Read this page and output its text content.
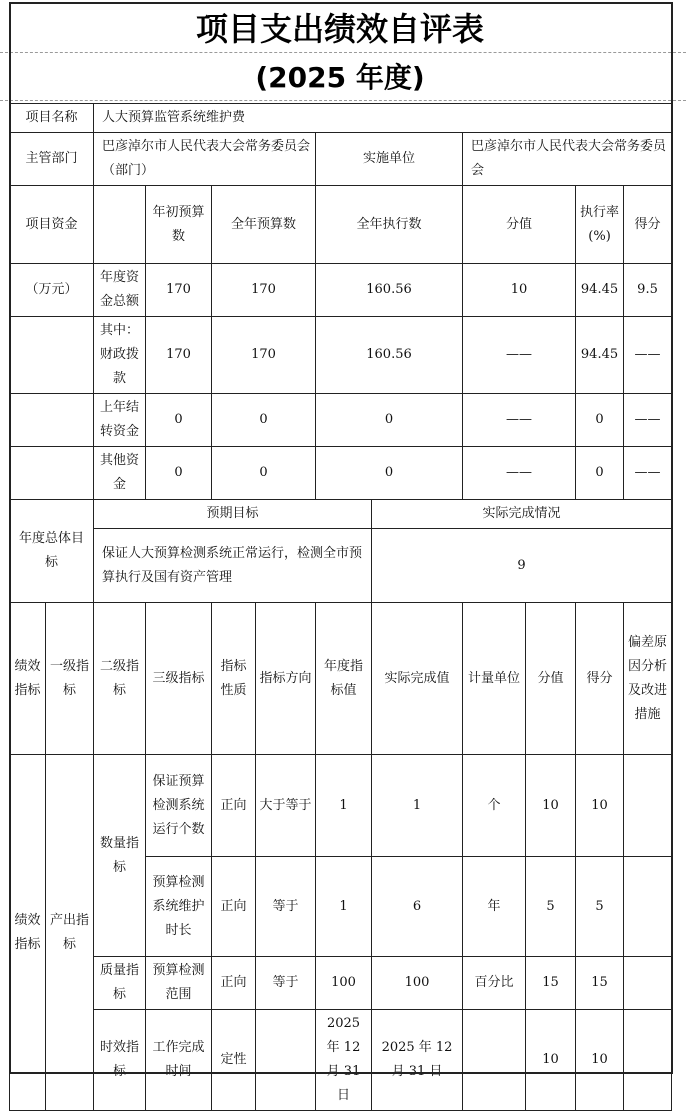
项目支出绩效自评表
(2025 年度)
项目名称		人大预算监管系统维护费									
主管部门		巴彦淖尔市人民代表大会常务委员会（部门）				实施单位		巴彦淖尔市人民代表大会常务委员会			
项目资金			年初预算数	全年预算数		全年执行数		分值		执行率　(%)	得分
（万元）		年度资金总额	170	170		160.56		10		94.45	9.5
		其中：财政拨款	170	170		160.56		——		94.45	——
		上年结转资金	0	0		0		——		0	——
		其他资金	0	0		0		——		0	——
年度总体目标		预期目标					实际完成情况				
		保证人大预算检测系统正常运行，检测全市预算执行及国有资产管理					9				
绩效指标	一级指标	二级指标	三级指标	指标性质	指标方向	年度指标值	实际完成值	计量单位	分值	得分	偏差原因分析及改进措施
绩效指标	产出指标	数量指标	保证预算检测系统运行个数	正向	大于等于	1	1	个	10	10	
			预算检测系统维护时长	正向	等于	1	6	年	5	5	
		质量指标	预算检测范围	正向	等于	100	100	百分比	15	15	
		时效指标	工作完成时间	定性		2025 年 12 月 31 日	2025 年 12 月 31 日		10	10	
